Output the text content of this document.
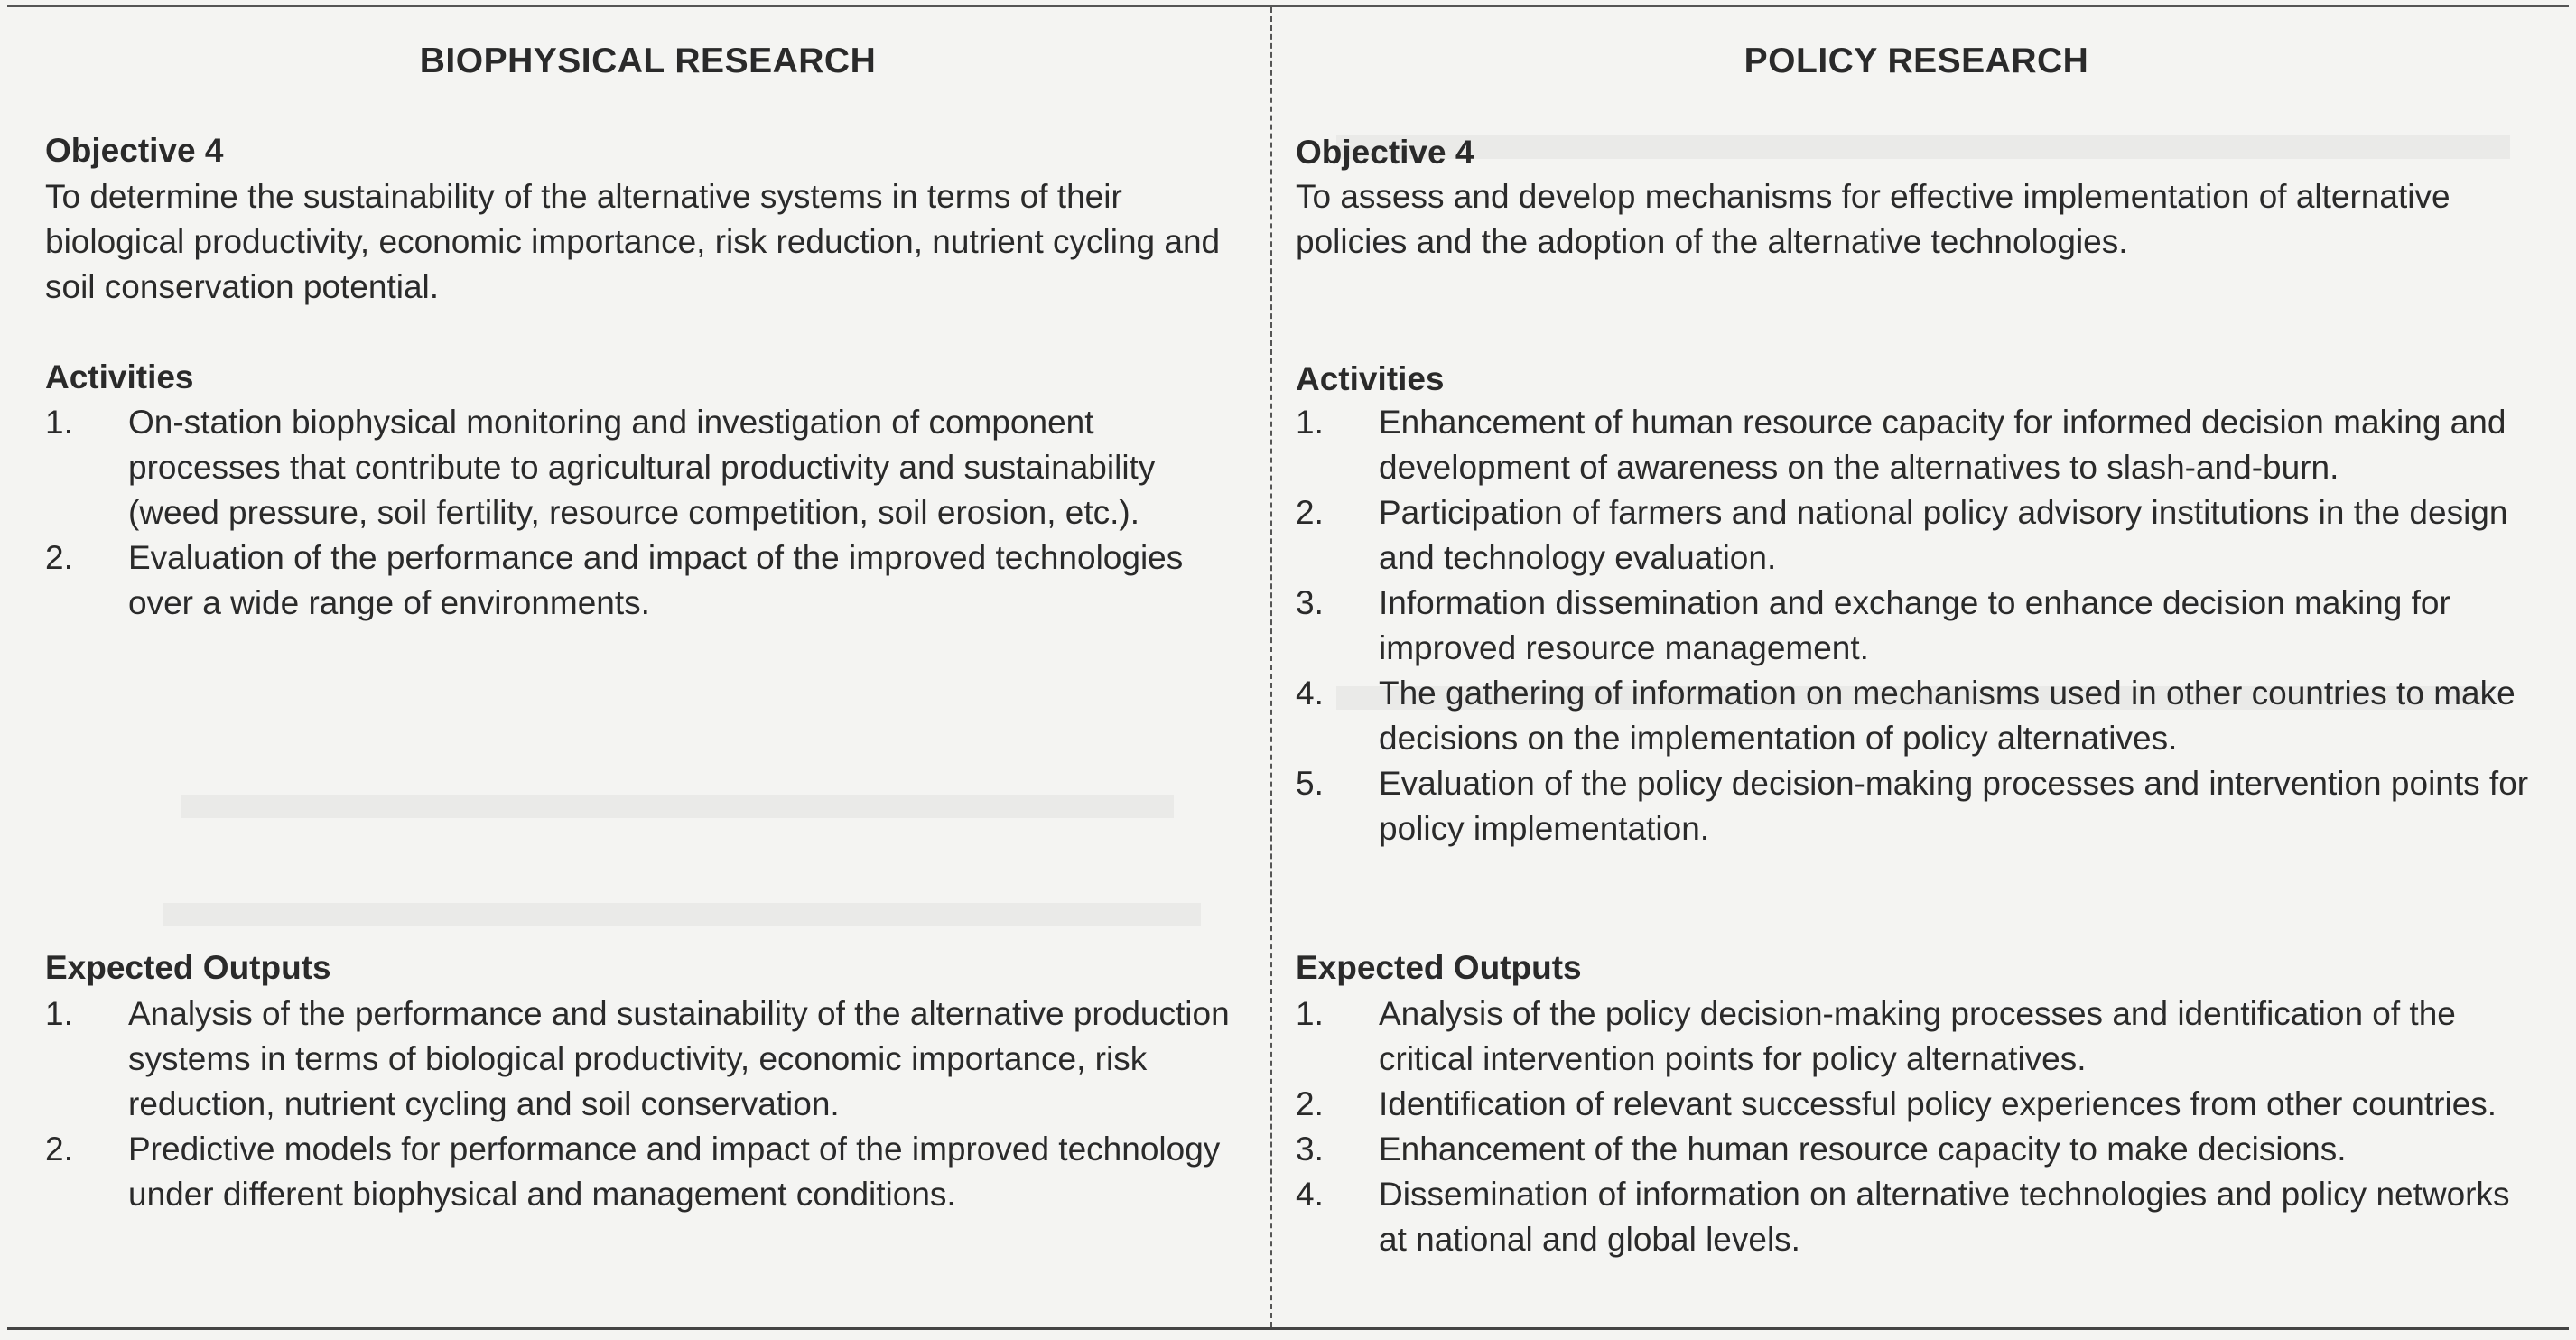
BIOPHYSICAL RESEARCH
Objective 4
To determine the sustainability of the alternative systems in terms of their biological productivity, economic importance, risk reduction, nutrient cycling and soil conservation potential.
Activities
1.	On-station biophysical monitoring and investigation of component processes that contribute to agricultural productivity and sustainability (weed pressure, soil fertility, resource competition, soil erosion, etc.).
2.	Evaluation of the performance and impact of the improved technologies over a wide range of environments.
Expected Outputs
1.	Analysis of the performance and sustainability of the alternative production systems in terms of biological productivity, economic importance, risk reduction, nutrient cycling and soil conservation.
2.	Predictive models for performance and impact of the improved technology under different biophysical and management conditions.
POLICY RESEARCH
Objective 4
To assess and develop mechanisms for effective implementation of alternative policies and the adoption of the alternative technologies.
Activities
1.	Enhancement of human resource capacity for informed decision making and development of awareness on the alternatives to slash-and-burn.
2.	Participation of farmers and national policy advisory institutions in the design and technology evaluation.
3.	Information dissemination and exchange to enhance decision making for improved resource management.
4.	The gathering of information on mechanisms used in other countries to make decisions on the implementation of policy alternatives.
5.	Evaluation of the policy decision-making processes and intervention points for policy implementation.
Expected Outputs
1.	Analysis of the policy decision-making processes and identification of the critical intervention points for policy alternatives.
2.	Identification of relevant successful policy experiences from other countries.
3.	Enhancement of the human resource capacity to make decisions.
4.	Dissemination of information on alternative technologies and policy networks at national and global levels.
